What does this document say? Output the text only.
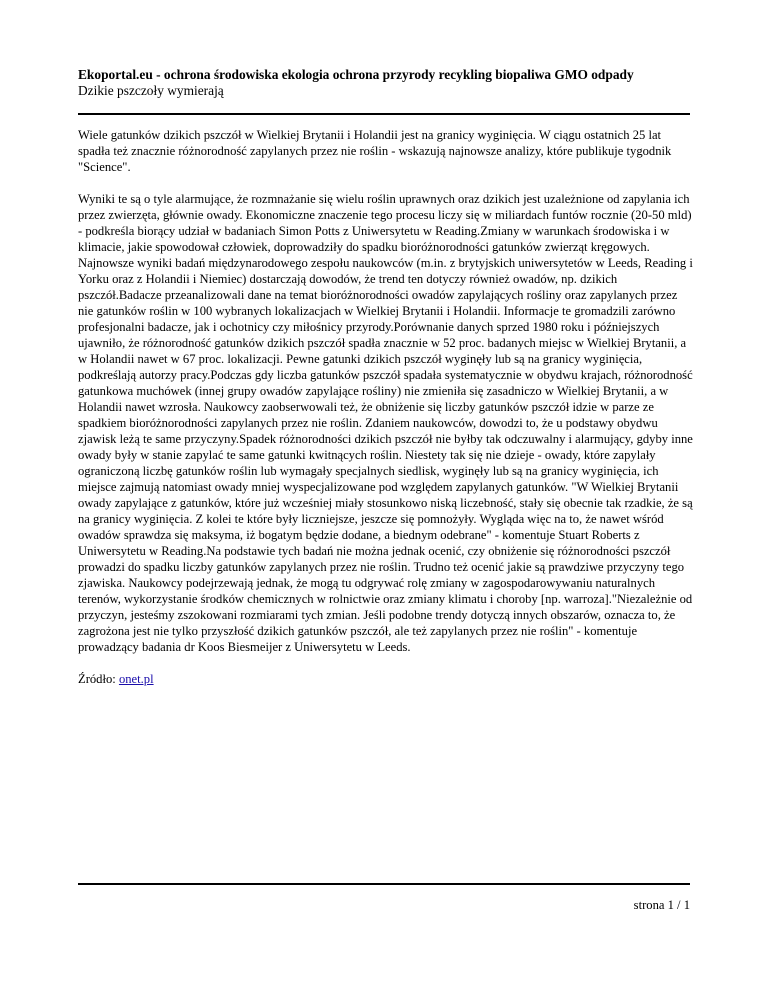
Ekoportal.eu - ochrona środowiska ekologia ochrona przyrody recykling biopaliwa GMO odpady
Dzikie pszczoły wymierają

Wiele gatunków dzikich pszczół w Wielkiej Brytanii i Holandii jest na granicy wyginięcia. W ciągu ostatnich 25 lat spadła też znacznie różnorodność zapylanych przez nie roślin - wskazują najnowsze analizy, które publikuje tygodnik "Science".

Wyniki te są o tyle alarmujące, że rozmnażanie się wielu roślin uprawnych oraz dzikich jest uzależnione od zapylania ich przez zwierzęta, głównie owady. Ekonomiczne znaczenie tego procesu liczy się w miliardach funtów rocznie (20-50 mld) - podkreśla biorący udział w badaniach Simon Potts z Uniwersytetu w Reading.Zmiany w warunkach środowiska i w klimacie, jakie spowodował człowiek, doprowadziły do spadku bioróżnorodności gatunków zwierząt kręgowych. Najnowsze wyniki badań międzynarodowego zespołu naukowców (m.in. z brytyjskich uniwersytetów w Leeds, Reading i Yorku oraz z Holandii i Niemiec) dostarczają dowodów, że trend ten dotyczy również owadów, np. dzikich pszczół.Badacze przeanalizowali dane na temat bioróżnorodności owadów zapylających rośliny oraz zapylanych przez nie gatunków roślin w 100 wybranych lokalizacjach w Wielkiej Brytanii i Holandii. Informacje te gromadzili zarówno profesjonalni badacze, jak i ochotnicy czy miłośnicy przyrody.Porównanie danych sprzed 1980 roku i późniejszych ujawniło, że różnorodność gatunków dzikich pszczół spadła znacznie w 52 proc. badanych miejsc w Wielkiej Brytanii, a w Holandii nawet w 67 proc. lokalizacji. Pewne gatunki dzikich pszczół wyginęły lub są na granicy wyginięcia, podkreślają autorzy pracy.Podczas gdy liczba gatunków pszczół spadała systematycznie w obydwu krajach, różnorodność gatunkowa muchówek (innej grupy owadów zapylające rośliny) nie zmieniła się zasadniczo w Wielkiej Brytanii, a w Holandii nawet wzrosła. Naukowcy zaobserwowali też, że obniżenie się liczby gatunków pszczół idzie w parze ze spadkiem bioróżnorodności zapylanych przez nie roślin. Zdaniem naukowców, dowodzi to, że u podstawy obydwu zjawisk leżą te same przyczyny.Spadek różnorodności dzikich pszczół nie byłby tak odczuwalny i alarmujący, gdyby inne owady były w stanie zapylać te same gatunki kwitnących roślin. Niestety tak się nie dzieje - owady, które zapylały ograniczoną liczbę gatunków roślin lub wymagały specjalnych siedlisk, wyginęły lub są na granicy wyginięcia, ich miejsce zajmują natomiast owady mniej wyspecjalizowane pod względem zapylanych gatunków. "W Wielkiej Brytanii owady zapylające z gatunków, które już wcześniej miały stosunkowo niską liczebność, stały się obecnie tak rzadkie, że są na granicy wyginięcia. Z kolei te które były liczniejsze, jeszcze się pomnożyły. Wygląda więc na to, że nawet wśród owadów sprawdza się maksyma, iż bogatym będzie dodane, a biednym odebrane" - komentuje Stuart Roberts z Uniwersytetu w Reading.Na podstawie tych badań nie można jednak ocenić, czy obniżenie się różnorodności pszczół prowadzi do spadku liczby gatunków zapylanych przez nie roślin. Trudno też ocenić jakie są prawdziwe przyczyny tego zjawiska. Naukowcy podejrzewają jednak, że mogą tu odgrywać rolę zmiany w zagospodarowywaniu naturalnych terenów, wykorzystanie środków chemicznych w rolnictwie oraz zmiany klimatu i choroby [np. warroza]."Niezależnie od przyczyn, jesteśmy zszokowani rozmiarami tych zmian. Jeśli podobne trendy dotyczą innych obszarów, oznacza to, że zagrożona jest nie tylko przyszłość dzikich gatunków pszczół, ale też zapylanych przez nie roślin" - komentuje prowadzący badania dr Koos Biesmeijer z Uniwersytetu w Leeds.

Źródło: onet.pl

strona 1 / 1
